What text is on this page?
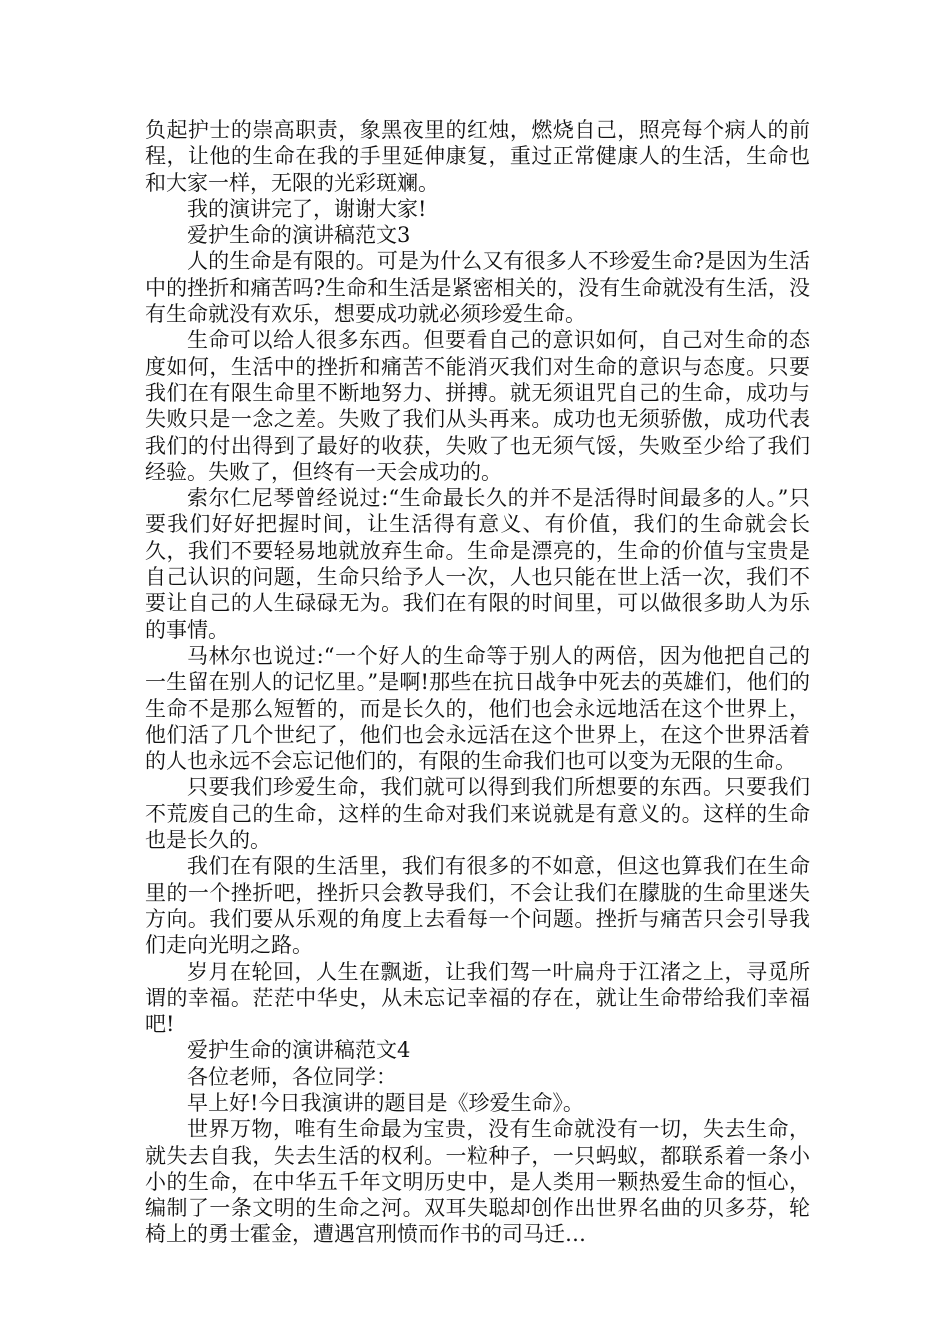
负起护士的崇高职责，象黑夜里的红烛，燃烧自己，照亮每个病人的前程，让他的生命在我的手里延伸康复，重过正常健康人的生活，生命也和大家一样，无限的光彩斑斓。

我的演讲完了，谢谢大家!

爱护生命的演讲稿范文3

人的生命是有限的。可是为什么又有很多人不珍爱生命?是因为生活中的挫折和痛苦吗?生命和生活是紧密相关的，没有生命就没有生活，没有生命就没有欢乐，想要成功就必须珍爱生命。

生命可以给人很多东西。但要看自己的意识如何，自己对生命的态度如何，生活中的挫折和痛苦不能消灭我们对生命的意识与态度。只要我们在有限生命里不断地努力、拼搏。就无须诅咒自己的生命，成功与失败只是一念之差。失败了我们从头再来。成功也无须骄傲，成功代表我们的付出得到了最好的收获，失败了也无须气馁，失败至少给了我们经验。失败了，但终有一天会成功的。

索尔仁尼琴曾经说过:“生命最长久的并不是活得时间最多的人。”只要我们好好把握时间，让生活得有意义、有价值，我们的生命就会长久，我们不要轻易地就放弃生命。生命是漂亮的，生命的价值与宝贵是自己认识的问题，生命只给予人一次，人也只能在世上活一次，我们不要让自己的人生碌碌无为。我们在有限的时间里，可以做很多助人为乐的事情。

马林尔也说过:“一个好人的生命等于别人的两倍，因为他把自己的一生留在别人的记忆里。”是啊!那些在抗日战争中死去的英雄们，他们的生命不是那么短暂的，而是长久的，他们也会永远地活在这个世界上，他们活了几个世纪了，他们也会永远活在这个世界上，在这个世界活着的人也永远不会忘记他们的，有限的生命我们也可以变为无限的生命。

只要我们珍爱生命，我们就可以得到我们所想要的东西。只要我们不荒废自己的生命，这样的生命对我们来说就是有意义的。这样的生命也是长久的。

我们在有限的生活里，我们有很多的不如意，但这也算我们在生命里的一个挫折吧，挫折只会教导我们，不会让我们在朦胧的生命里迷失方向。我们要从乐观的角度上去看每一个问题。挫折与痛苦只会引导我们走向光明之路。

岁月在轮回，人生在飘逝，让我们驾一叶扁舟于江渚之上，寻觅所谓的幸福。茫茫中华史，从未忘记幸福的存在，就让生命带给我们幸福吧!

爱护生命的演讲稿范文4

各位老师，各位同学：

早上好!今日我演讲的题目是《珍爱生命》。

世界万物，唯有生命最为宝贵，没有生命就没有一切，失去生命，就失去自我，失去生活的权利。一粒种子，一只蚂蚁，都联系着一条小小的生命，在中华五千年文明历史中，是人类用一颗热爱生命的恒心，编制了一条文明的生命之河。双耳失聪却创作出世界名曲的贝多芬，轮椅上的勇士霍金，遭遇宫刑愤而作书的司马迁…
